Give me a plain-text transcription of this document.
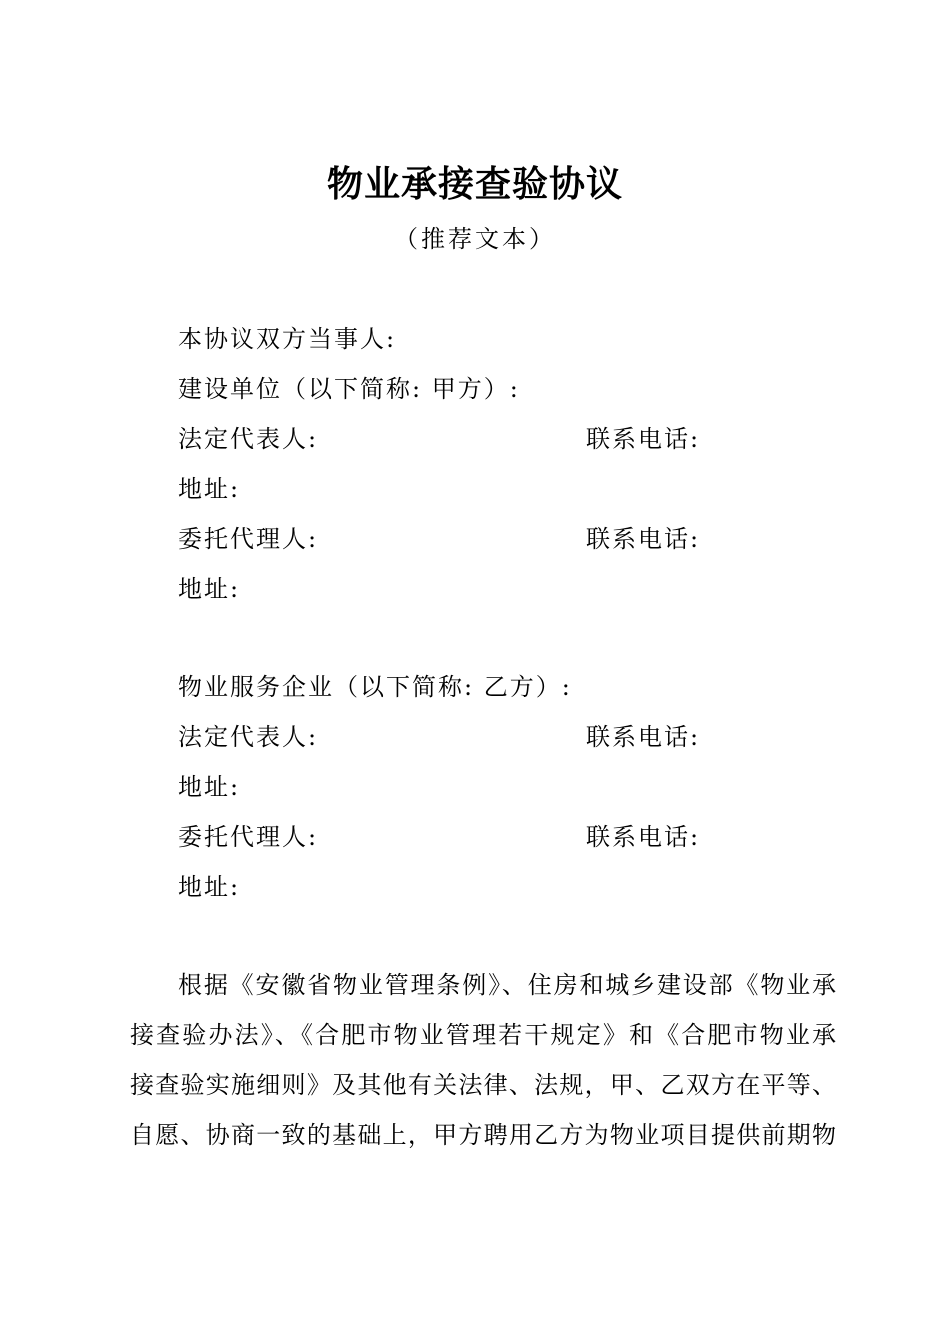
物业承接查验协议
（推荐文本）
本协议双方当事人:
建设单位（以下简称: 甲方）:
法定代表人:	联系电话:
地址:
委托代理人:	联系电话:
地址:
物业服务企业（以下简称: 乙方）:
法定代表人:	联系电话:
地址:
委托代理人:	联系电话:
地址:
根据《安徽省物业管理条例》、住房和城乡建设部《物业承
接查验办法》、《合肥市物业管理若干规定》和《合肥市物业承
接查验实施细则》及其他有关法律、法规，甲、乙双方在平等、
自愿、协商一致的基础上，甲方聘用乙方为物业项目提供前期物
